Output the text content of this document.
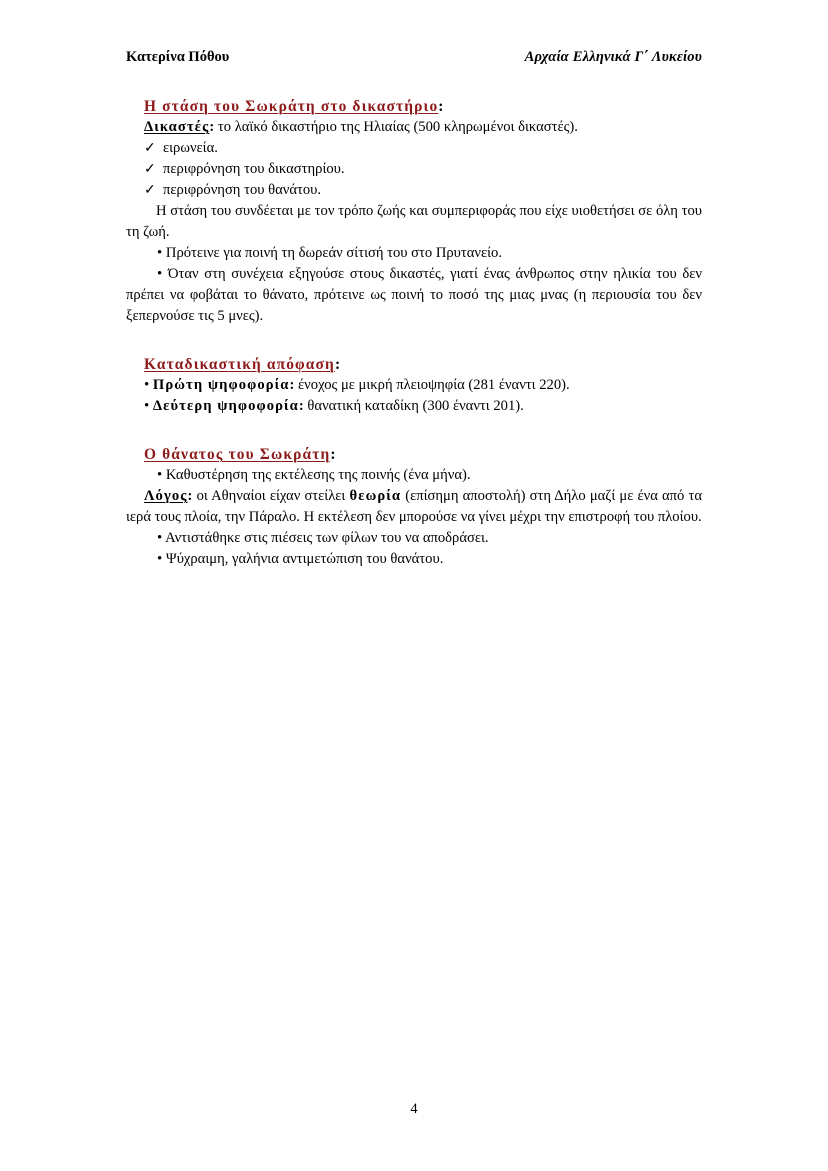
Κατερίνα Πόθου	Αρχαία Ελληνικά Γ΄ Λυκείου
Η στάση του Σωκράτη στο δικαστήριο:

Δικαστές: το λαϊκό δικαστήριο της Ηλιαίας (500 κληρωμένοι δικαστές).

✓ ειρωνεία.
✓ περιφρόνηση του δικαστηρίου.
✓ περιφρόνηση του θανάτου.

Η στάση του συνδέεται με τον τρόπο ζωής και συμπεριφοράς που είχε υιοθετήσει σε όλη του τη ζωή.

• Πρότεινε για ποινή τη δωρεάν σίτισή του στο Πρυτανείο.
• Όταν στη συνέχεια εξηγούσε στους δικαστές, γιατί ένας άνθρωπος στην ηλικία του δεν πρέπει να φοβάται το θάνατο, πρότεινε ως ποινή το ποσό της μιας μνας (η περιουσία του δεν ξεπερνούσε τις 5 μνες).
Καταδικαστική απόφαση:
• Πρώτη ψηφοφορία: ένοχος με μικρή πλειοψηφία (281 έναντι 220).
• Δεύτερη ψηφοφορία: θανατική καταδίκη (300 έναντι 201).
Ο θάνατος του Σωκράτη:
• Καθυστέρηση της εκτέλεσης της ποινής (ένα μήνα).

Λόγος: οι Αθηναίοι είχαν στείλει θεωρία (επίσημη αποστολή) στη Δήλο μαζί με ένα από τα ιερά τους πλοία, την Πάραλο. Η εκτέλεση δεν μπορούσε να γίνει μέχρι την επιστροφή του πλοίου.

• Αντιστάθηκε στις πιέσεις των φίλων του να αποδράσει.
• Ψύχραιμη, γαλήνια αντιμετώπιση του θανάτου.
4
